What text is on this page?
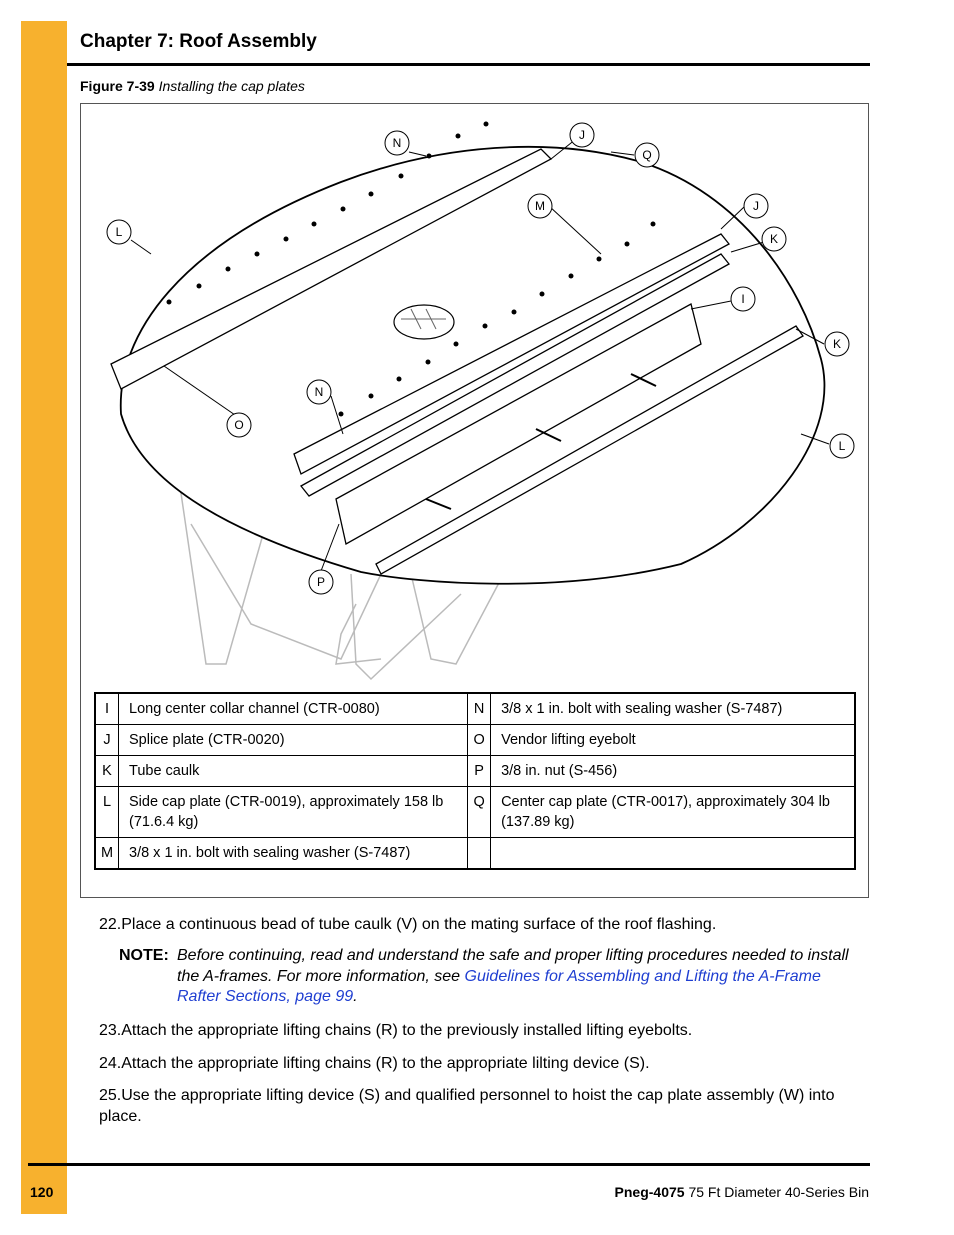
Chapter 7: Roof Assembly
Figure 7-39 Installing the cap plates
N
J
Q
L
M	J
K
I
K
L
N
O
P
I	Long center collar channel (CTR-0080)	N	3/8 x 1 in. bolt with sealing washer (S-7487)
J	Splice plate (CTR-0020)	O	Vendor lifting eyebolt
K	Tube caulk	P	3/8 in. nut (S-456)
L	Side cap plate (CTR-0019), approximately 158 lb (71.6.4 kg)	Q	Center cap plate (CTR-0017), approximately 304 lb (137.89 kg)
M	3/8 x 1 in. bolt with sealing washer (S-7487)		
22.Place a continuous bead of tube caulk (V) on the mating surface of the roof flashing.
NOTE: Before continuing, read and understand the safe and proper lifting procedures needed to install the A-frames. For more information, see Guidelines for Assembling and Lifting the A-Frame Rafter Sections, page 99.
23.Attach the appropriate lifting chains (R) to the previously installed lifting eyebolts.
24.Attach the appropriate lifting chains (R) to the appropriate lilting device (S).
25.Use the appropriate lifting device (S) and qualified personnel to hoist the cap plate assembly (W) into place.
120	Pneg-4075 75 Ft Diameter 40-Series Bin
